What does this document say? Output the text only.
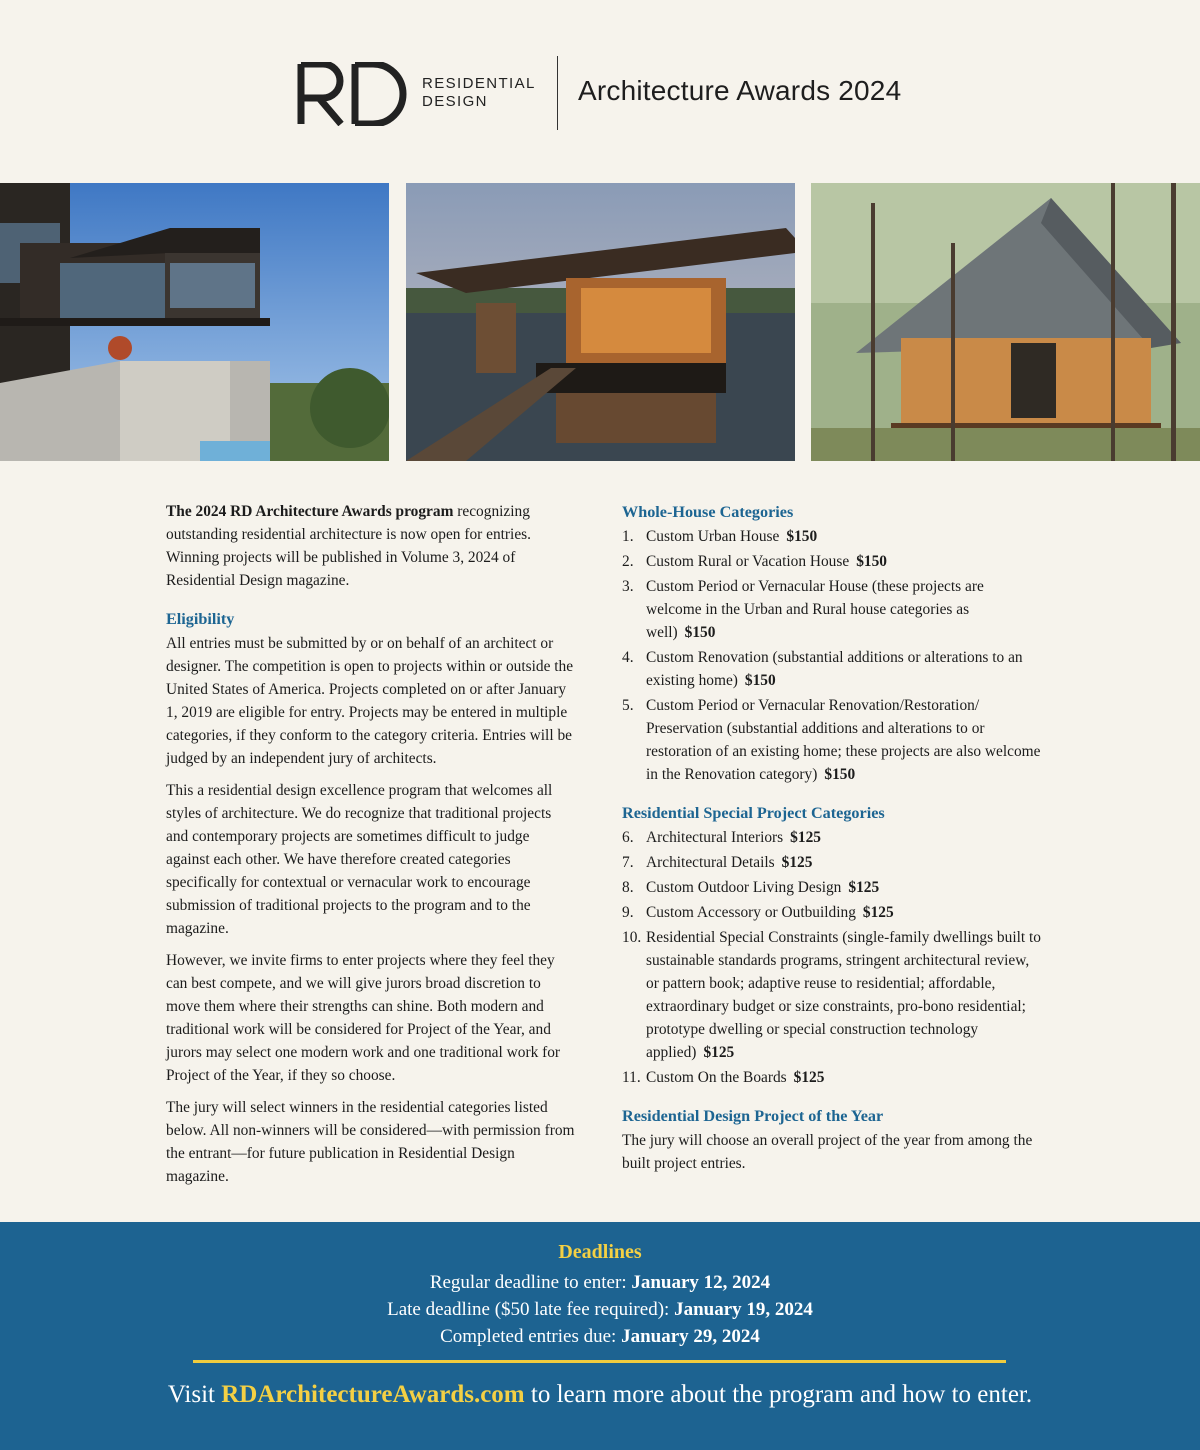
RESIDENTIAL
DESIGN	Architecture Awards 2024

The 2024 RD Architecture Awards program recognizing outstanding residential architecture is now open for entries. Winning projects will be published in Volume 3, 2024 of Residential Design magazine.

Eligibility

All entries must be submitted by or on behalf of an architect or designer. The competition is open to projects within or outside the United States of America. Projects completed on or after January 1, 2019 are eligible for entry. Projects may be entered in multiple categories, if they conform to the category criteria. Entries will be judged by an independent jury of architects.

This a residential design excellence program that welcomes all styles of architecture. We do recognize that traditional projects and contemporary projects are sometimes difficult to judge against each other. We have therefore created categories specifically for contextual or vernacular work to encourage submission of traditional projects to the program and to the magazine.

However, we invite firms to enter projects where they feel they can best compete, and we will give jurors broad discretion to move them where their strengths can shine. Both modern and traditional work will be considered for Project of the Year, and jurors may select one modern work and one traditional work for Project of the Year, if they so choose.

The jury will select winners in the residential categories listed below. All non-winners will be considered—with permission from the entrant—for future publication in Residential Design magazine.

Whole-House Categories
1. Custom Urban House $150
2. Custom Rural or Vacation House $150
3. Custom Period or Vernacular House (these projects are welcome in the Urban and Rural house categories as well) $150
4. Custom Renovation (substantial additions or alterations to an existing home) $150
5. Custom Period or Vernacular Renovation/Restoration/ Preservation (substantial additions and alterations to or restoration of an existing home; these projects are also welcome in the Renovation category) $150
Residential Special Project Categories
6. Architectural Interiors $125
7. Architectural Details $125
8. Custom Outdoor Living Design $125
9. Custom Accessory or Outbuilding $125
10. Residential Special Constraints (single-family dwellings built to sustainable standards programs, stringent architectural review, or pattern book; adaptive reuse to residential; affordable, extraordinary budget or size constraints, pro-bono residential; prototype dwelling or special construction technology applied) $125
11. Custom On the Boards $125
Residential Design Project of the Year

The jury will choose an overall project of the year from among the built project entries.

Deadlines
Regular deadline to enter: January 12, 2024
Late deadline ($50 late fee required): January 19, 2024
Completed entries due: January 29, 2024
Visit RDArchitectureAwards.com to learn more about the program and how to enter.
